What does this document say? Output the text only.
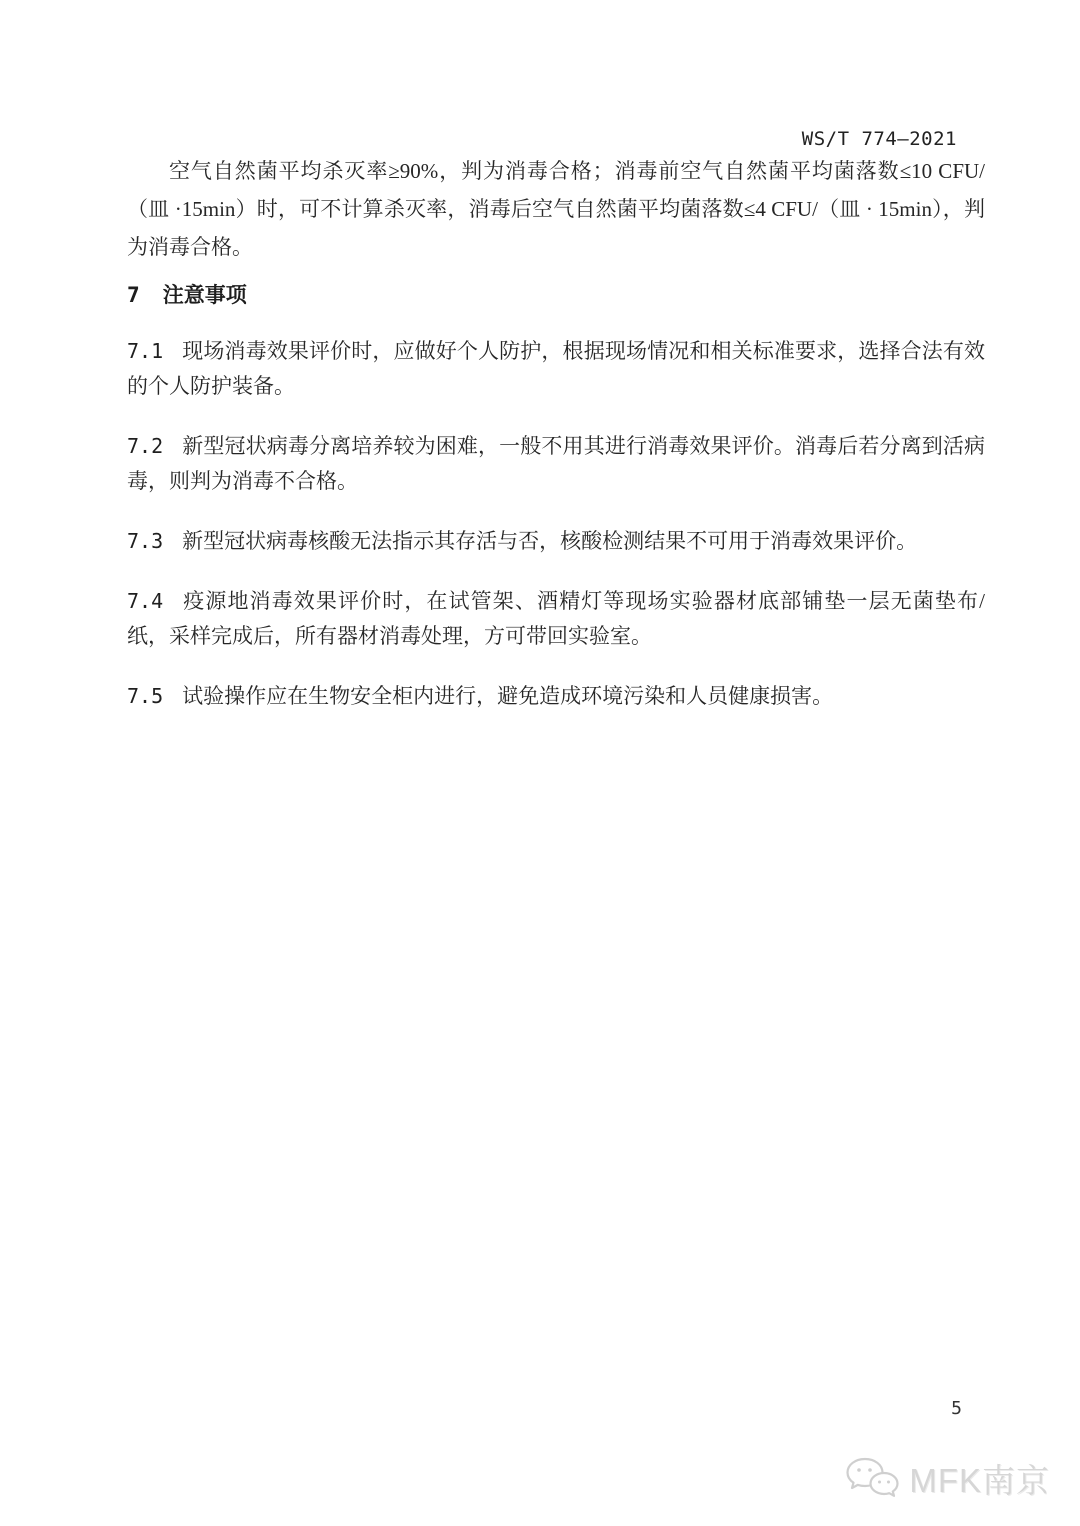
WS/T 774—2021

空气自然菌平均杀灭率≥90%，判为消毒合格；消毒前空气自然菌平均菌落数≤10 CFU/（皿 ·15min）时，可不计算杀灭率，消毒后空气自然菌平均菌落数≤4 CFU/（皿 · 15min），判为消毒合格。

7 注意事项

7.1 现场消毒效果评价时，应做好个人防护，根据现场情况和相关标准要求，选择合法有效的个人防护装备。

7.2 新型冠状病毒分离培养较为困难，一般不用其进行消毒效果评价。消毒后若分离到活病毒，则判为消毒不合格。

7.3 新型冠状病毒核酸无法指示其存活与否，核酸检测结果不可用于消毒效果评价。

7.4 疫源地消毒效果评价时，在试管架、酒精灯等现场实验器材底部铺垫一层无菌垫布/纸，采样完成后，所有器材消毒处理，方可带回实验室。

7.5 试验操作应在生物安全柜内进行，避免造成环境污染和人员健康损害。

5
MFK南京
